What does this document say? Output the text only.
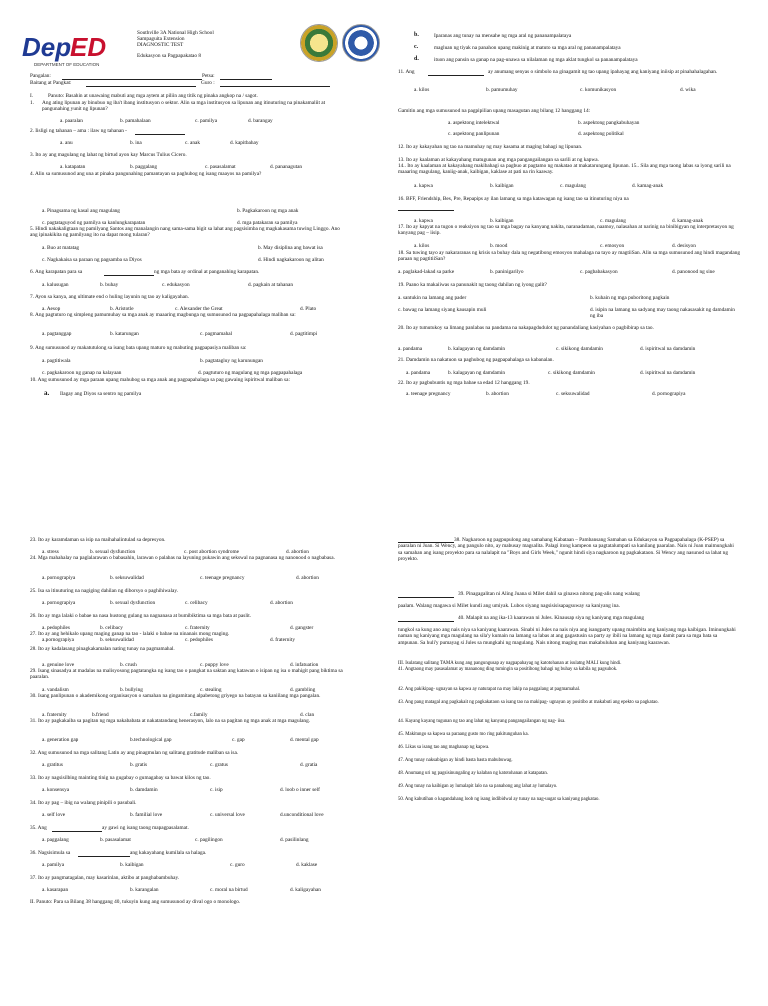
Dep
ED
DEPARTMENT OF EDUCATION
Southville 3A National High School
Sampaguita Extension
DIAGNOSTIC TEST
Edukasyon sa Pagpapakatao 8
Pangalan:	Petsa:
Baitang at Pangkat:	Guro :
I.	Panuto: Basahin at unawaing mabuti ang mga aytem at piliin ang titik ng pinaka angkop na / sagot.
1. Ang ating lipunan ay binubuo ng iba't ibang institusyon o sektor. Alin sa mga institusyon sa lipunan ang itinuturing na pinakamaliit at pangunahing yunit ng lipunan?
a. paaralan	b. pamahalaan	c. pamilya	d. barangay
2. Iisligi ng tahanan – ama : ilaw ng tahanan -
a. anu	b. ina	c. anak	d. kapitbahay
3. Ito ay ang magulang ng lahat ng birtud ayon kay Marcus Tulius Cicero.
a. katapatan	b. paggalang	c. pasasalamat	d. pananagutan
4. Alin sa sumusunod ang una at pinaka pangunahing pamantayan sa paghubog ng isang maayos na pamilya?
a. Pinagsama ng kasal ang magulang	b. Pagkakaroon ng mga anak
c. pagtataguyod ng pamilya sa kanlungkarapatan	d. mga patakaran sa pamilya
5. Hindi nakakaligtaan ng pamilyang Santos ang manalangin nang sama-sama bigit sa lahat ang pagsisimba ng magkakasama tuwing Linggo. Ano ang ipinakikita ng pamilyang ito na dapat mong tularan?
a. Buo at matatag	b. May disiplina ang bawat isa
c. Nagkakaisa sa paraan ng pagsamba sa Diyos	d. Hindi nagkakaroon ng alitan
6. Ang karapatan para sa	ng mga bata ay ordinal at panganahing karapatan.
a. kalusugan	b. buhay	c. edukasyon	d. pagkain at tahanan
7. Ayon sa kanya, ang ultimate end o huling layunin ng tao ay kaligayahan.
a. Aesop	b. Aristotle	c. Alexander the Great	d. Plato
8. Ang pagtuturo ng simpleng pamumuhay sa mga anak ay maaaring magbunga ng sumusunod na pagpapahalaga maliban sa:
a. pagtanggap	b. katarungan	c. pagmamahal	d. pagtitimpi
9. Ang sumusunod ay makatutulong sa isang bata upang maturo ng mabuting pagpapasiya maliban sa:
a. pagtitiwala	b. pagtatagluy ng karunungan
c. pagkakaroon ng ganap na kalayaan	d. pagtuturo ng magulang ng mga pagpapahalaga
10. Ang sumusunod ay mga paraan upang mahubog sa mga anak ang pagpapahalaga sa pag gawaing ispiritwal maliban sa:
a. Ilagay ang Diyos sa sentro ng pamilya
b.	Iparanas ang tunay na mensahe ng mga aral ng pananampalataya
c.	magluan ng tiyak na panahon upang makinig at matuto sa mga aral ng pananampalataya
d.	ituon ang pansin sa ganap na pag-unawa sa nilalaman ng mga aklat tungkol sa pananampalataya
11. Ang	ay anumang senyas o simbolo na ginagamit ng tao upang ipahayag ang kaniyang iniisip at pinahahalagahan.
a. kilos	b. pamumuhay	c. komunikasyon	d. wika
Gamitin ang mga sumusunod na pagpipilian upang masagutan ang bilang 12 hanggang 14:
a. aspektong intelektwal	b. aspektong pangkabuhayan
c. aspektong panlipunan	d. aspektong politikal
12. Ito ay kakayahan ng tao na mamuhay ng may kasama at maging bahagi ng lipunan.
13. Ito ay kaalaman at kakayahang matugunan ang mga pangangailangan sa sarili at ng kapwa.
14.. Ito ay kaalaman at kakayahang makibahagi sa pagbuo at pagtamo ng makatao at makatarungang lipunan. 15.. Sila ang mga taong labas sa iyong sarili na maaaring magulang, kaniig-anak, kaibigan, kaklase at pati na rin kaaway.
a. kapwa	b. kaibigan	c. magulang	d. kamag-anak
16. BFF, Friendship, Bes, Pre, Repapips ay ilan lamang sa mga katawagan ng isang tao sa itinuturing niya na
a. kapwa	b. kaibigan	c. magulang	d. kamag-anak
17. Ito ay kapyat na tugon o reaksiyon ng tao sa mga bagay na kanyang nakita, naranadaman, naamoy, nalasahan at narinig na binibigyan ng interpretasyon ng kanyang pag – iisip.
a. kilos	b. mood	c. emosyon	d. desisyon
18. Sa tuwing tayo ay nakararanas ng krisis sa buhay dala ng negatibong emosyon mahalaga na tayo ay magtiiSan. Alin sa mga sumusunod ang hindi magandang paraan ng pagtitiiSan?
a. paglakad-lakad sa parke	b. paninigarilyo	c. pagbabakasyon	d. panonood ng sine
19. Paano ka makaiiwas sa panunakit ng taong dahilan ng iyong galit?
a. santukin na lamang ang pader	b. kuhain ng mga puboritong pagkain
c. bawag na lamang siyang kausapin muli	d. isipin na lamang na sadyang may taong nakasasakit ng damdamin ng iba
20. Ito ay tumutukoy sa limang panlabas na pandama na nakapagdudulot ng panandaliang kasiyahan o pagbibirap sa tao.
a. pandama	b. kalagayan ng damdamin	c. sikikong damdamin	d. ispiritwal na damdamin
21. Damdamin na nakatuon sa paghubog ng pagpapahalaga sa kabanalan.
a. pandama	b. kalagayan ng damdamin	c. sikikong damdamin	d. ispiritwal na damdamin
22. Ito ay pagbubuntis ng mga babae sa edad 12 hanggang 19.
a. teenage pregnancy	b. abortion	c. seksuwalidad	d. pornograpiya
23. Ito ay karamdaman sa isip na maihahalintulad sa depresyon.
a. stress	b. sexual dysfunction	c. post abortion syndrome	d. abortion
24. Mga mahahalay na paglalarawan o babasahin, larawan o palabas na layuning pukawin ang sekswal na pagnanasa ng nanonood o nagbabasa.
a. pornograpiya	b. seksuwalidad	c. teenage pregnancy	d. abortion
25. Isa sa itinuturing na nagiging dahilan ng diborsyo o paghihiwalay.
a. pornograpiya	b. sexual dysfunction	c. celibacy	d. abortion
26. Ito ay mga lalaki o babae na nasa hustong gulang na nagnanasa at bumibiktima sa mga bata at paslit.
a. pedophiles	b. celibacy	c. fraternity	d. gangster
27. Ito ay ang hehikalo upang maging ganap na tao - lalaki o babae na ninanais mong maging.
a.pornograpiya	b. seksuwalidad	c. pedophiles	d. fraternity
28. Ito ay kadalasang pinagkakamalan nating tunay na pagmamahal.
a. genuine love	b. crush	c. puppy love	d. infatuation
29. Isang sinasadya at madalas na malisyosong pagtatangka ng isang tao o pangkat na saktan ang katawan o isipan ng isa o mahigit pang biktima sa paaralan.
a. vandalism	b. bullying	c. stealing	d. gambling
30. Isang panlipunan o akademikong organisasyon o samahan na gingamitang alpabetong griyego na batayan sa kaniilang mga pangalan.
a. fraternity	b.friend	c.family	d. clan
31. Ito ay pagkakaiba sa pagitan ng mga nakababata at nakatatandang henerasyon, lalo na sa pagitan ng mga anak at mga magulang.
a. generation gap	b.technological gap	c. gap	d. mental gap
32. Ang sumusunod na mga salitang Latin ay ang pinagmulan ng salitang gratitude maliban sa isa.
a. gratitus	b. gratis	c. gratus	d. gratia
33. Ito ay nagsisilbing mainting tinig na gugabay o gumagabay sa bawat kilos ng tao.
a. konsensya	b. damdamin	c. isip	d. loob o inner self
34. Ito ay pag – ibig na walang pinipili o pasubali.
a. self love	b. familial love	c. universal love	d.unconditional love
35. Ang	ay gawi ng isang taong mapagpasalamat.
a. paggalang	b. pasasalamat	c. pagilingon	d. pasilinlang
36. Nagsisimula sa	ang kakayahang kumilala sa halaga.
a. pamilya	b. kaibigan	c. guro	d. kaklase
37. Ito ay pangmatagalan, may kasarinlan, aktibo at panghabambuhay.
a. kasarapan	b. karangalan	c. moral na birtud	d. kaligayahan
II. Panuto: Para sa Bilang 38 hanggang 40, tukuyin kung ang sumusunod ay dival ogo o monologo.
38. Nagkaroon ng pagpupulong ang samahang Kabataan – Pambansang Samahan sa Edukasyon sa Pagpapahalaga (K-PSEP) sa paaralan ni Joan. Si Wency, ang pangulo nito, ay mabusay magsalita. Palagi itong kampeon sa pagtatalumpati sa kanilang paaralan. Nais ni Joan maimungkahi sa samahan ang isang proyekto para sa nalalapit na "Boys and Girls Week," ngunit hindi siya nagkaroon ng pagkakataon. Si Wency ang nasunod sa lahat ng proyekto.
39. Pinagagalitan ni Aling Juana si Milet dahil sa ginawa nitong pag-alis nang walang
paalam. Walang magawa si Milet kundi ang umiyak. Lubos siyang nagsisisisapagsuway sa kaniyang ina.
40. Malapit na ang ika-13 kaarawan ni Jules. Kinausap siya ng kaniyang mga magulang
tungkol sa kung ano ang nais niya sa kaniyang kaarawan. Sinabi ni Jules na nais niya ang isangparty upang maimbita ang kaniyang mga kaibigan. Iminungkahi naman ng kaniyang mga magulang na sila'y kumain na lamang sa labas at ang gagastusin sa party ay ibili na lamang ng mga damit para sa mga bata sa ampunan. Sa huli'y pumayag si Jules sa mungkahi ng magulang. Nais nitong maging mas makabuluhan ang kaniyang kaarawan.
III. Isulatang salitang TAMA kung ang pangungusap ay nagpapahayag ng katotohanan at isulatng MALI kung hindi.
41. Angtaong may pasasalamat ay mananong ding tumingin sa positibong bahagi ng buhay sa kabila ng pagsubok.
42. Ang pakikipag- ugnayan sa kapwa ay naturapat na may lakip na paggalang at pagmamahal.
43. Ang pang matagal ang pagkakait ng pagkakataon sa isang tao na makipag- ugnayan ay positibo at makabuti ang epekto sa pagkatao.
44. Kayang kayang tugunan ng tao ang lahat ng kanyang pangangailangan ng nag- iisa.
45. Makitungo sa kapwa sa paraang gusto mo ring pakitunguhan ka.
46. Likas sa isang tao ang maghanap ng kapwa.
47. Ang tunay naksabigan ay hindi basta basta mabubuwag.
48. Anumang uri ng pagsisinungaling ay kalaban ng katotohanan at katapatan.
49. Ang tunay na kaibigan ay lumalapit lalo na sa panahong ang lahat ay lumalayo.
50. Ang kabutihan o kagandahang loob ng isang indibidwal ay tunay na nag-uugat sa kaniyang pagkatao.
